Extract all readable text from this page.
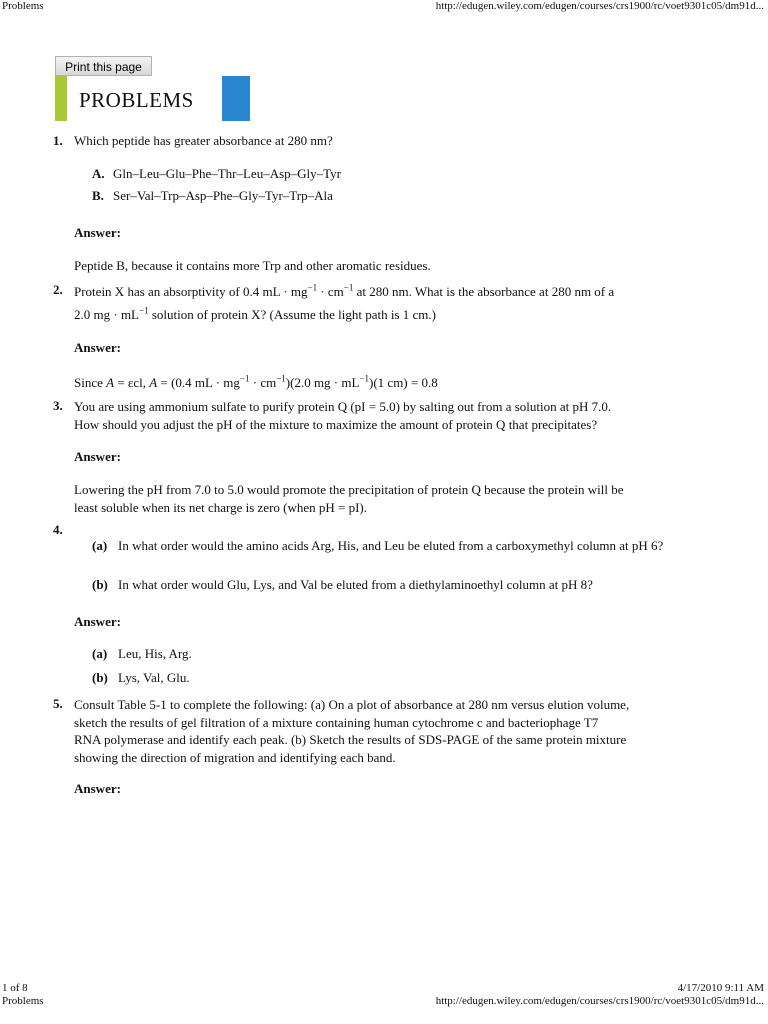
Problems	http://edugen.wiley.com/edugen/courses/crs1900/rc/voet9301c05/dm91d...
Print this page
PROBLEMS
1. Which peptide has greater absorbance at 280 nm?
A. Gln–Leu–Glu–Phe–Thr–Leu–Asp–Gly–Tyr
B. Ser–Val–Trp–Asp–Phe–Gly–Tyr–Trp–Ala
Answer:
Peptide B, because it contains more Trp and other aromatic residues.
2. Protein X has an absorptivity of 0.4 mL · $mg^{-1} \cdot cm^{-1}$ at 280 nm. What is the absorbance at 280 nm of a
2.0 mg · $mL^{-1}$ solution of protein X? (Assume the light path is 1 cm.)
Answer:
Since A = εcl, A = (0.4 mL · $mg^{-1} \cdot cm^{-1})(2.0$ mg · $mL^{-1})(1$ cm) = 0.8
3. You are using ammonium sulfate to purify protein Q (pI = 5.0) by salting out from a solution at pH 7.0.
How should you adjust the pH of the mixture to maximize the amount of protein Q that precipitates?
Answer:
Lowering the pH from 7.0 to 5.0 would promote the precipitation of protein Q because the protein will be
least soluble when its net charge is zero (when pH = pI).
4.
(a) In what order would the amino acids Arg, His, and Leu be eluted from a carboxymethyl column at pH 6?
(b) In what order would Glu, Lys, and Val be eluted from a diethylaminoethyl column at pH 8?
Answer:
(a) Leu, His, Arg.
(b) Lys, Val, Glu.
5. Consult Table 5-1 to complete the following: (a) On a plot of absorbance at 280 nm versus elution volume,
sketch the results of gel filtration of a mixture containing human cytochrome c and bacteriophage T7
RNA polymerase and identify each peak. (b) Sketch the results of SDS-PAGE of the same protein mixture
showing the direction of migration and identifying each band.
Answer:
1 of 8	4/17/2010 9:11 AM
Problems	http://edugen.wiley.com/edugen/courses/crs1900/rc/voet9301c05/dm91d...
